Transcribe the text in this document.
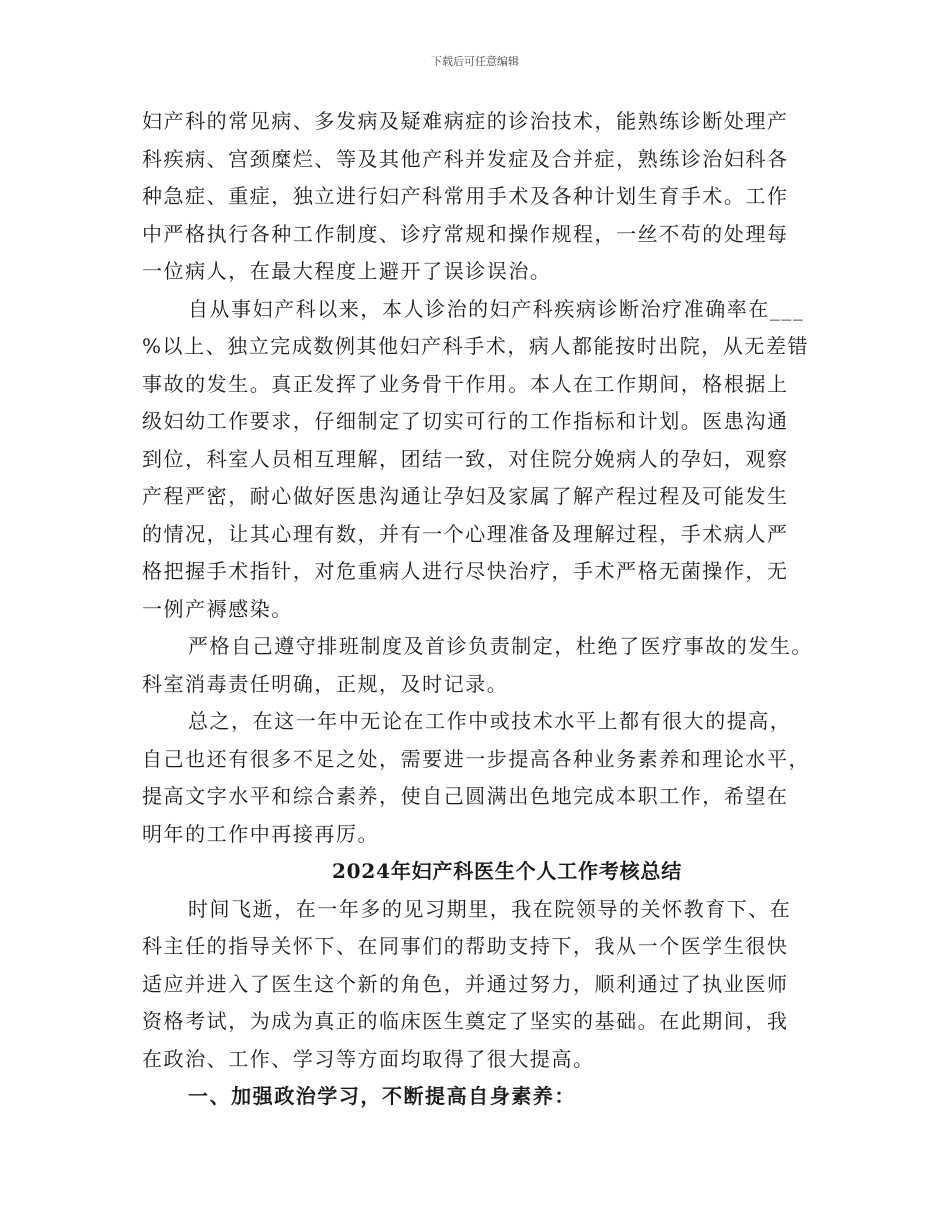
下载后可任意编辑
妇产科的常见病、多发病及疑难病症的诊治技术，能熟练诊断处理产
科疾病、宫颈糜烂、等及其他产科并发症及合并症，熟练诊治妇科各
种急症、重症，独立进行妇产科常用手术及各种计划生育手术。工作
中严格执行各种工作制度、诊疗常规和操作规程，一丝不苟的处理每
一位病人，在最大程度上避开了误诊误治。
自从事妇产科以来，本人诊治的妇产科疾病诊断治疗准确率在___
%以上、独立完成数例其他妇产科手术，病人都能按时出院，从无差错
事故的发生。真正发挥了业务骨干作用。本人在工作期间，格根据上
级妇幼工作要求，仔细制定了切实可行的工作指标和计划。医患沟通
到位，科室人员相互理解，团结一致，对住院分娩病人的孕妇，观察
产程严密，耐心做好医患沟通让孕妇及家属了解产程过程及可能发生
的情况，让其心理有数，并有一个心理准备及理解过程，手术病人严
格把握手术指针，对危重病人进行尽快治疗，手术严格无菌操作，无
一例产褥感染。
严格自己遵守排班制度及首诊负责制定，杜绝了医疗事故的发生。
科室消毒责任明确，正规，及时记录。
总之，在这一年中无论在工作中或技术水平上都有很大的提高，
自己也还有很多不足之处，需要进一步提高各种业务素养和理论水平，
提高文字水平和综合素养，使自己圆满出色地完成本职工作，希望在
明年的工作中再接再厉。
2024年妇产科医生个人工作考核总结
时间飞逝，在一年多的见习期里，我在院领导的关怀教育下、在
科主任的指导关怀下、在同事们的帮助支持下，我从一个医学生很快
适应并进入了医生这个新的角色，并通过努力，顺利通过了执业医师
资格考试，为成为真正的临床医生奠定了坚实的基础。在此期间，我
在政治、工作、学习等方面均取得了很大提高。
一、加强政治学习，不断提高自身素养：
